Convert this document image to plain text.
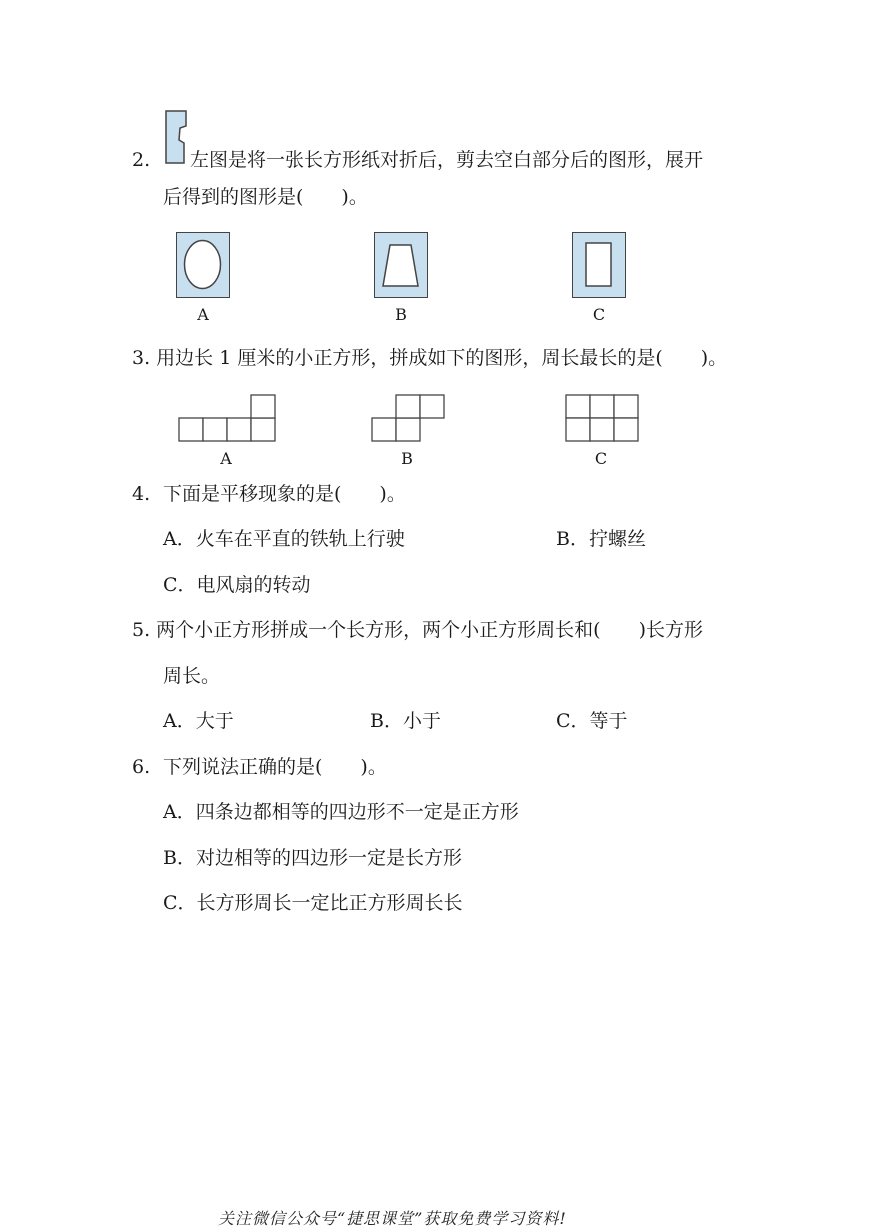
2. 左图是将一张长方形纸对折后，剪去空白部分后的图形，展开
后得到的图形是(　　)。
A	B	C
3. 用边长 1 厘米的小正方形，拼成如下的图形，周长最长的是(　　)。
A	B	C
4. 下面是平移现象的是(　　)。
A．火车在平直的铁轨上行驶	B．拧螺丝
C．电风扇的转动
5. 两个小正方形拼成一个长方形，两个小正方形周长和(　　)长方形
周长。
A．大于	B．小于	C．等于
6. 下列说法正确的是(　　)。
A．四条边都相等的四边形不一定是正方形
B．对边相等的四边形一定是长方形
C．长方形周长一定比正方形周长长
关注微信公众号“捷思课堂”获取免费学习资料!
